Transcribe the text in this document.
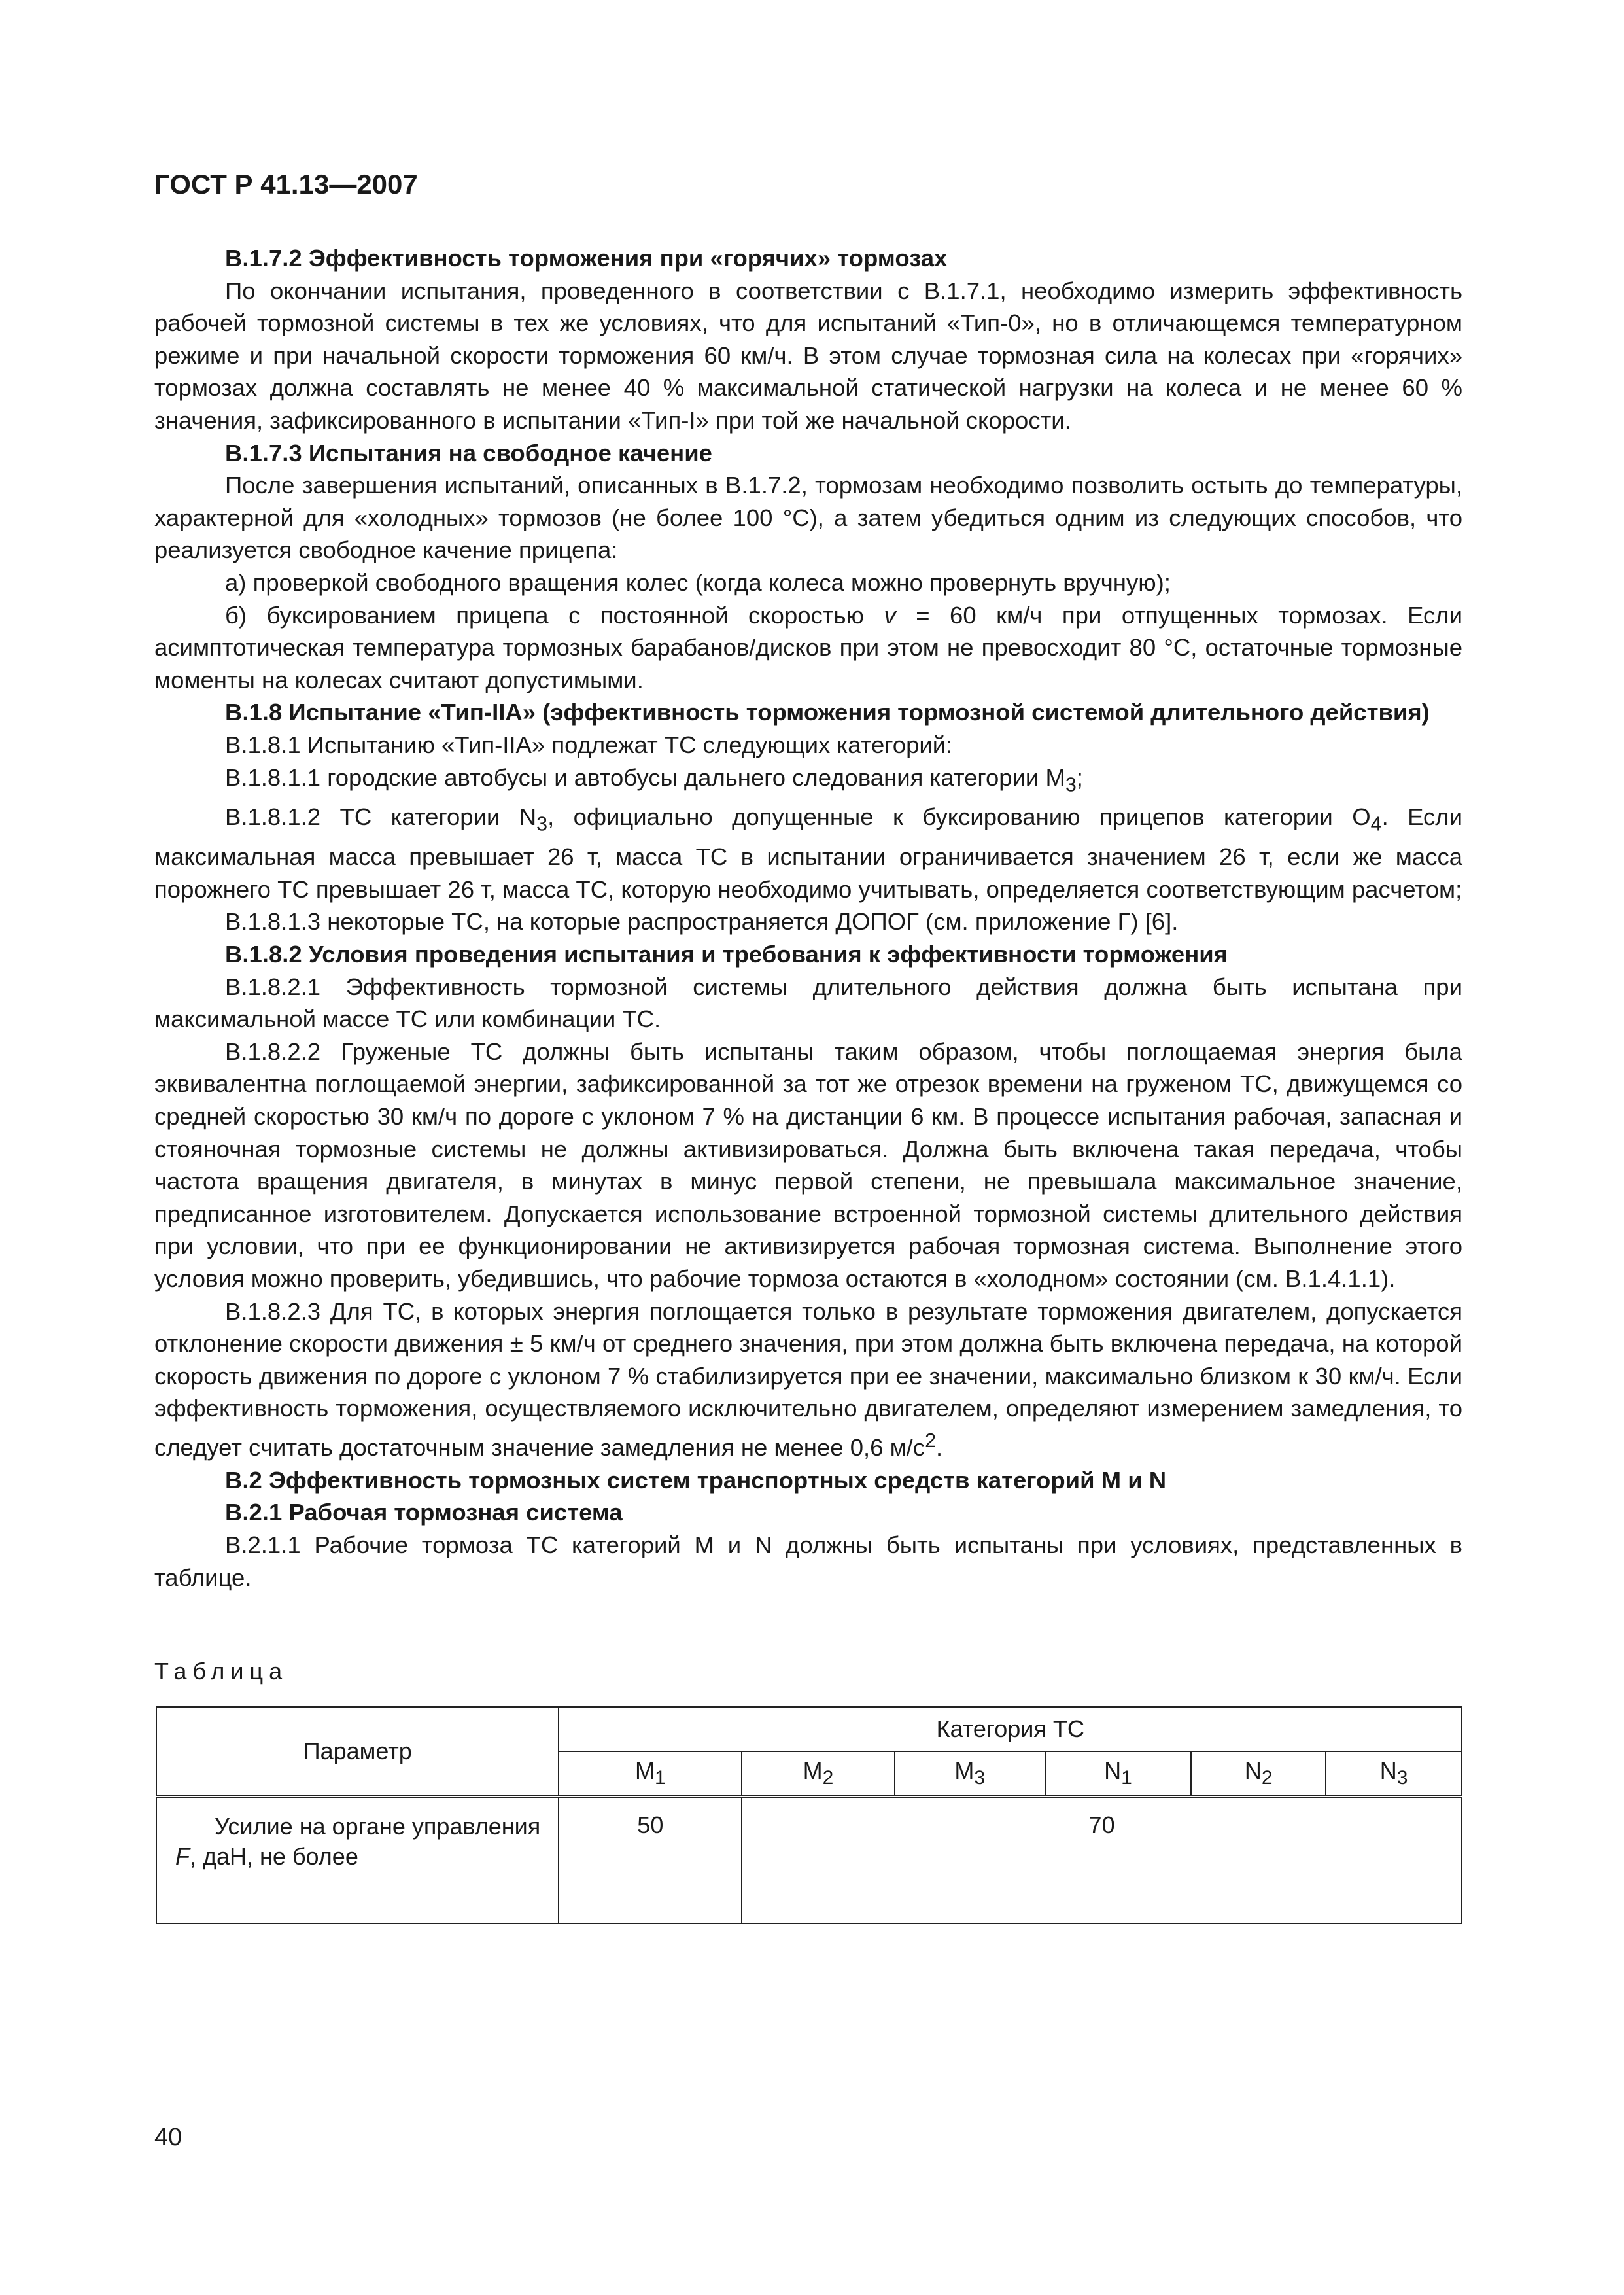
ГОСТ Р 41.13—2007

В.1.7.2 Эффективность торможения при «горячих» тормозах

По окончании испытания, проведенного в соответствии с В.1.7.1, необходимо измерить эффективность рабочей тормозной системы в тех же условиях, что для испытаний «Тип-0», но в отличающемся температурном режиме и при начальной скорости торможения 60 км/ч. В этом случае тормозная сила на колесах при «горячих» тормозах должна составлять не менее 40 % максимальной статической нагрузки на колеса и не менее 60 % значения, зафиксированного в испытании «Тип-I» при той же начальной скорости.

В.1.7.3 Испытания на свободное качение

После завершения испытаний, описанных в В.1.7.2, тормозам необходимо позволить остыть до температуры, характерной для «холодных» тормозов (не более 100 °С), а затем убедиться одним из следующих способов, что реализуется свободное качение прицепа:

а) проверкой свободного вращения колес (когда колеса можно провернуть вручную);

б) буксированием прицепа с постоянной скоростью v = 60 км/ч при отпущенных тормозах. Если асимптотическая температура тормозных барабанов/дисков при этом не превосходит 80 °С, остаточные тормозные моменты на колесах считают допустимыми.

В.1.8 Испытание «Тип-IIА» (эффективность торможения тормозной системой длительного действия)

В.1.8.1 Испытанию «Тип-IIА» подлежат ТС следующих категорий:

В.1.8.1.1 городские автобусы и автобусы дальнего следования категории $М_3$;

В.1.8.1.2 ТС категории $N_3$, официально допущенные к буксированию прицепов категории $О_4$. Если максимальная масса превышает 26 т, масса ТС в испытании ограничивается значением 26 т, если же масса порожнего ТС превышает 26 т, масса ТС, которую необходимо учитывать, определяется соответствующим расчетом;

В.1.8.1.3 некоторые ТС, на которые распространяется ДОПОГ (см. приложение Г) [6].

В.1.8.2 Условия проведения испытания и требования к эффективности торможения

В.1.8.2.1 Эффективность тормозной системы длительного действия должна быть испытана при максимальной массе ТС или комбинации ТС.

В.1.8.2.2 Груженые ТС должны быть испытаны таким образом, чтобы поглощаемая энергия была эквивалентна поглощаемой энергии, зафиксированной за тот же отрезок времени на груженом ТС, движущемся со средней скоростью 30 км/ч по дороге с уклоном 7 % на дистанции 6 км. В процессе испытания рабочая, запасная и стояночная тормозные системы не должны активизироваться. Должна быть включена такая передача, чтобы частота вращения двигателя, в минутах в минус первой степени, не превышала максимальное значение, предписанное изготовителем. Допускается использование встроенной тормозной системы длительного действия при условии, что при ее функционировании не активизируется рабочая тормозная система. Выполнение этого условия можно проверить, убедившись, что рабочие тормоза остаются в «холодном» состоянии (см. В.1.4.1.1).

В.1.8.2.3 Для ТС, в которых энергия поглощается только в результате торможения двигателем, допускается отклонение скорости движения ± 5 км/ч от среднего значения, при этом должна быть включена передача, на которой скорость движения по дороге с уклоном 7 % стабилизируется при ее значении, максимально близком к 30 км/ч. Если эффективность торможения, осуществляемого исключительно двигателем, определяют измерением замедления, то следует считать достаточным значение замедления не менее 0,6 $м/с^2$.

В.2 Эффективность тормозных систем транспортных средств категорий М и N

В.2.1 Рабочая тормозная система

В.2.1.1 Рабочие тормоза ТС категорий М и N должны быть испытаны при условиях, представленных в таблице.

Таблица
Параметр	Категория ТС					
	$M_1$	$M_2$	$M_3$	$N_1$	$N_2$	$N_3$
Усилие на органе управления F, даН, не более	50	70				
40
